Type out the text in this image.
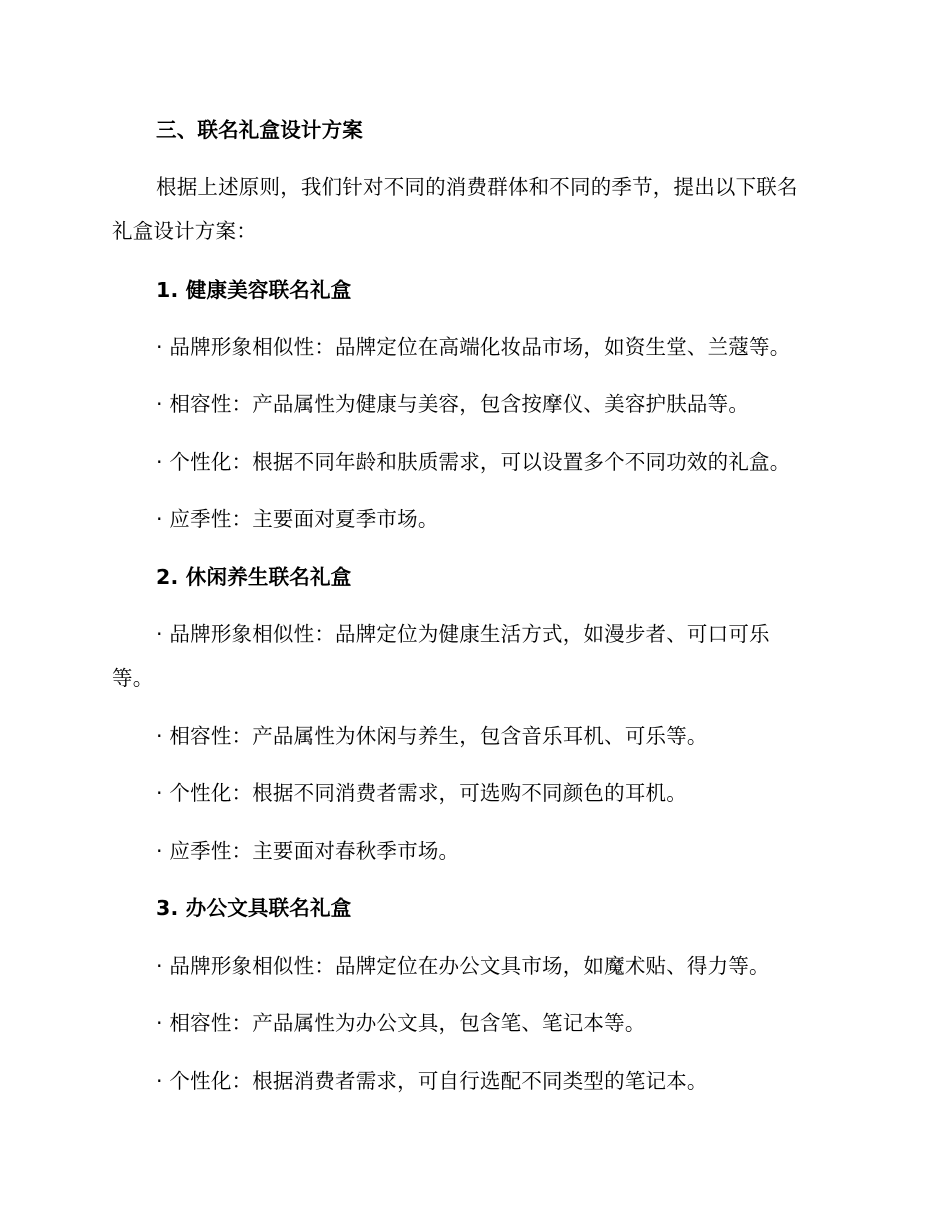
三、联名礼盒设计方案
根据上述原则，我们针对不同的消费群体和不同的季节，提出以下联名
礼盒设计方案：
1. 健康美容联名礼盒
· 品牌形象相似性：品牌定位在高端化妆品市场，如资生堂、兰蔻等。
· 相容性：产品属性为健康与美容，包含按摩仪、美容护肤品等。
· 个性化：根据不同年龄和肤质需求，可以设置多个不同功效的礼盒。
· 应季性：主要面对夏季市场。
2. 休闲养生联名礼盒
· 品牌形象相似性：品牌定位为健康生活方式，如漫步者、可口可乐
等。
· 相容性：产品属性为休闲与养生，包含音乐耳机、可乐等。
· 个性化：根据不同消费者需求，可选购不同颜色的耳机。
· 应季性：主要面对春秋季市场。
3. 办公文具联名礼盒
· 品牌形象相似性：品牌定位在办公文具市场，如魔术贴、得力等。
· 相容性：产品属性为办公文具，包含笔、笔记本等。
· 个性化：根据消费者需求，可自行选配不同类型的笔记本。
